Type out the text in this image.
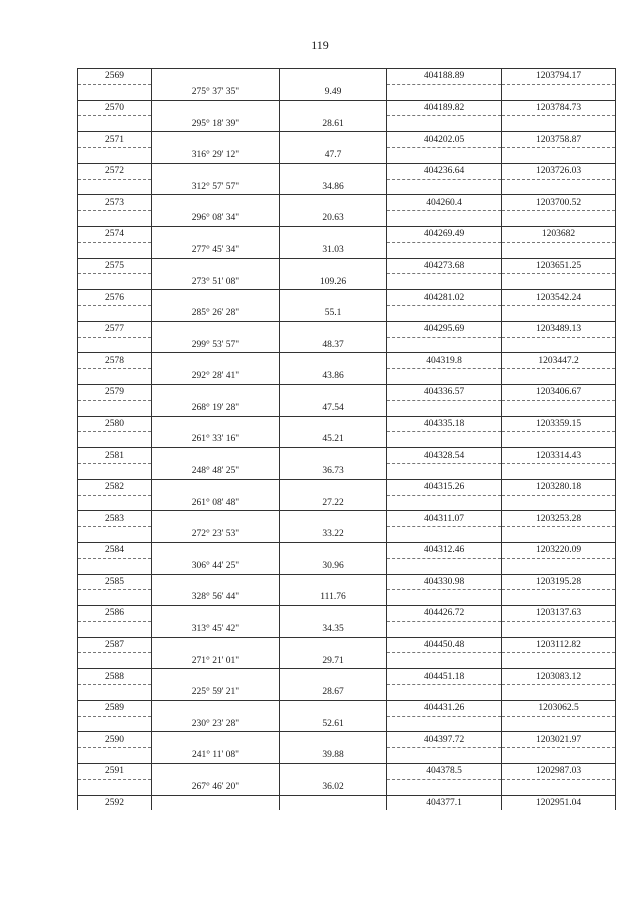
119
2569			404188.89	1203794.17
	275° 37' 35"	9.49		
2570			404189.82	1203784.73
	295° 18' 39"	28.61		
2571			404202.05	1203758.87
	316° 29' 12"	47.7		
2572			404236.64	1203726.03
	312° 57' 57"	34.86		
2573			404260.4	1203700.52
	296° 08' 34"	20.63		
2574			404269.49	1203682
	277° 45' 34"	31.03		
2575			404273.68	1203651.25
	273° 51' 08"	109.26		
2576			404281.02	1203542.24
	285° 26' 28"	55.1		
2577			404295.69	1203489.13
	299° 53' 57"	48.37		
2578			404319.8	1203447.2
	292° 28' 41"	43.86		
2579			404336.57	1203406.67
	268° 19' 28"	47.54		
2580			404335.18	1203359.15
	261° 33' 16"	45.21		
2581			404328.54	1203314.43
	248° 48' 25"	36.73		
2582			404315.26	1203280.18
	261° 08' 48"	27.22		
2583			404311.07	1203253.28
	272° 23' 53"	33.22		
2584			404312.46	1203220.09
	306° 44' 25"	30.96		
2585			404330.98	1203195.28
	328° 56' 44"	111.76		
2586			404426.72	1203137.63
	313° 45' 42"	34.35		
2587			404450.48	1203112.82
	271° 21' 01"	29.71		
2588			404451.18	1203083.12
	225° 59' 21"	28.67		
2589			404431.26	1203062.5
	230° 23' 28"	52.61		
2590			404397.72	1203021.97
	241° 11' 08"	39.88		
2591			404378.5	1202987.03
	267° 46' 20"	36.02		
2592			404377.1	1202951.04
